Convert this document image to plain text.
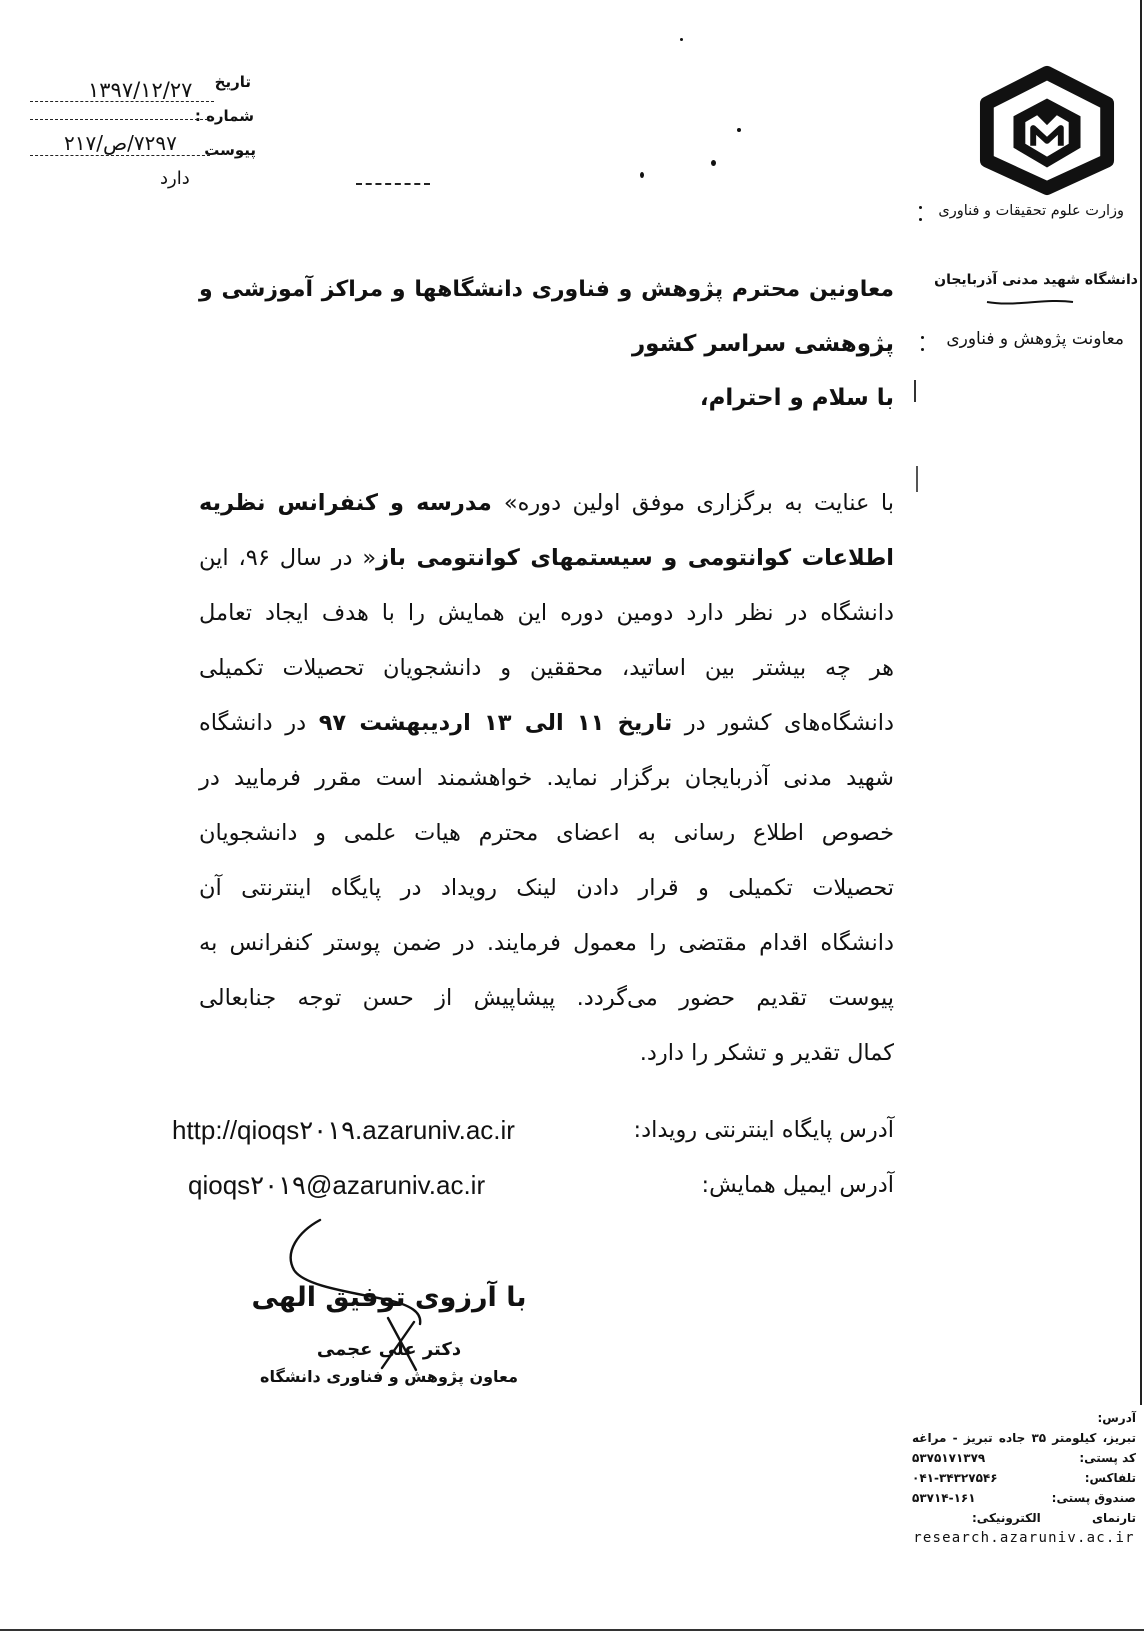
تاریخ
۱۳۹۷/۱۲/۲۷
شماره :
پیوست
۷۲۹۷/ص/۲۱۷
دارد
وزارت علوم تحقیقات و فناوری
دانشگاه شهید مدنی آذربایجان
معاونت پژوهش و فناوری
معاونین محترم پژوهش و فناوری دانشگاهها و مراکز آموزشی و
پژوهشی سراسر کشور
با سلام و احترام،
با عنایت به برگزاری موفق اولین دوره« مدرسه و کنفرانس نظریه
اطلاعات کوانتومی و سیستمهای کوانتومی باز» در سال ۹۶، این
دانشگاه در نظر دارد دومین دوره این همایش را با هدف ایجاد تعامل
هر چه بیشتر بین اساتید، محققین و دانشجویان تحصیلات تکمیلی
دانشگاه‌های کشور در تاریخ ۱۱ الی ۱۳ اردیبهشت ۹۷ در دانشگاه
شهید مدنی آذربایجان برگزار نماید. خواهشمند است مقرر فرمایید در
خصوص اطلاع رسانی به اعضای محترم هیات علمی و دانشجویان
تحصیلات تکمیلی و قرار دادن لینک رویداد در پایگاه اینترنتی آن
دانشگاه اقدام مقتضی را معمول فرمایند. در ضمن پوستر کنفرانس به
پیوست تقدیم حضور می‌گردد. پیشاپیش از حسن توجه جنابعالی
کمال تقدیر و تشکر را دارد.
آدرس پایگاه اینترنتی رویداد:
http://qioqs۲۰۱۹.azaruniv.ac.ir
آدرس ایمیل همایش:
qioqs۲۰۱۹@azaruniv.ac.ir
با آرزوی توفیق الهی
دکتر علی عجمی
معاون پژوهش و فناوری دانشگاه
آدرس:
تبریز، کیلومتر ۳۵ جاده تبریز - مراغه
کد پستی:
۵۳۷۵۱۷۱۳۷۹
تلفاکس:
۰۴۱-۳۴۳۲۷۵۴۶
صندوق پستی:
۵۳۷۱۴-۱۶۱
تارنمای الکترونیکی:
research.azaruniv.ac.ir
